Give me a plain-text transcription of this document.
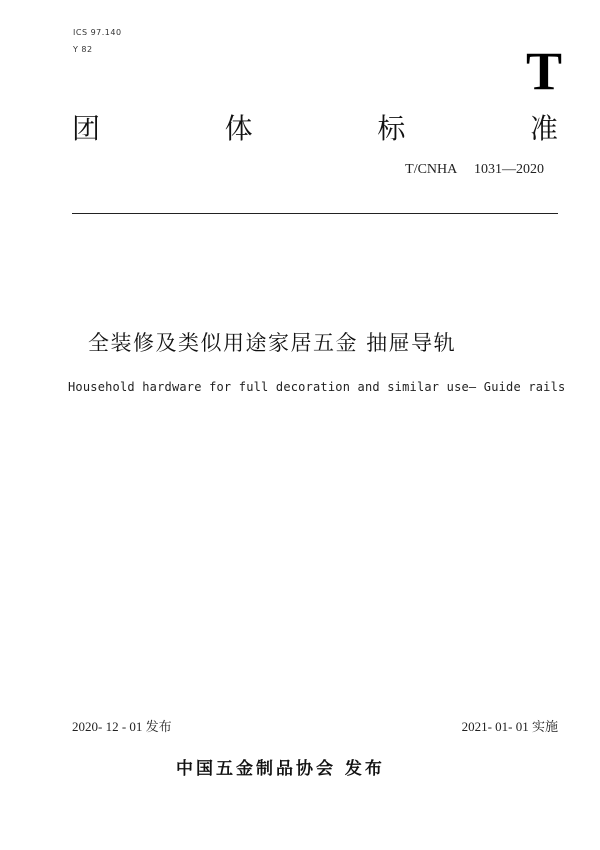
ICS 97.140
Y 82	T
团	体	标	准
T/CNHA 1031—2020
全装修及类似用途家居五金 抽屉导轨
Household hardware for full decoration and similar use— Guide rails
2020- 12 - 01 发布	2021- 01- 01 实施
中国五金制品协会 发布
